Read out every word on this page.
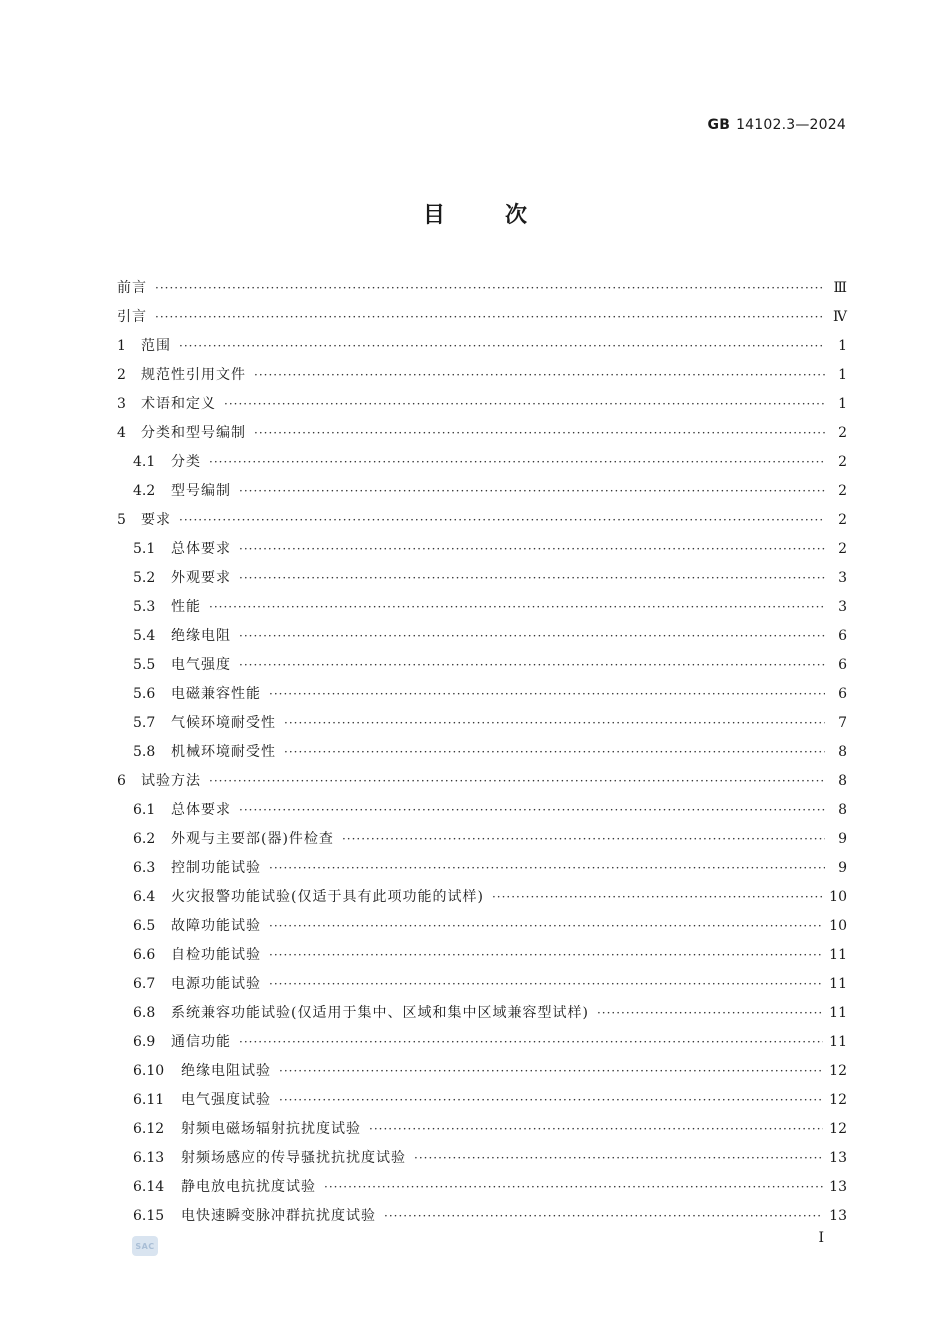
GB 14102.3—2024
目次
前言 ·····	Ⅲ
引言 ·····	Ⅳ
1	范围 ·····	1
2	规范性引用文件 ·····	1
3	术语和定义 ·····	1
4	分类和型号编制 ·····	2
4.1	分类 ·····	2
4.2	型号编制 ·····	2
5	要求 ·····	2
5.1	总体要求 ·····	2
5.2	外观要求 ·····	3
5.3	性能 ·····	3
5.4	绝缘电阻 ·····	6
5.5	电气强度 ·····	6
5.6	电磁兼容性能 ·····	6
5.7	气候环境耐受性 ·····	7
5.8	机械环境耐受性 ·····	8
6	试验方法 ·····	8
6.1	总体要求 ·····	8
6.2	外观与主要部(器)件检查 ·····	9
6.3	控制功能试验 ·····	9
6.4	火灾报警功能试验(仅适于具有此项功能的试样) ·····	10
6.5	故障功能试验 ·····	10
6.6	自检功能试验 ·····	11
6.7	电源功能试验 ·····	11
6.8	系统兼容功能试验(仅适用于集中、区域和集中区域兼容型试样) ·····	11
6.9	通信功能 ·····	11
6.10	绝缘电阻试验 ·····	12
6.11	电气强度试验 ·····	12
6.12	射频电磁场辐射抗扰度试验 ·····	12
6.13	射频场感应的传导骚扰抗扰度试验 ·····	13
6.14	静电放电抗扰度试验 ·····	13
6.15	电快速瞬变脉冲群抗扰度试验 ·····	13
SAC	I
